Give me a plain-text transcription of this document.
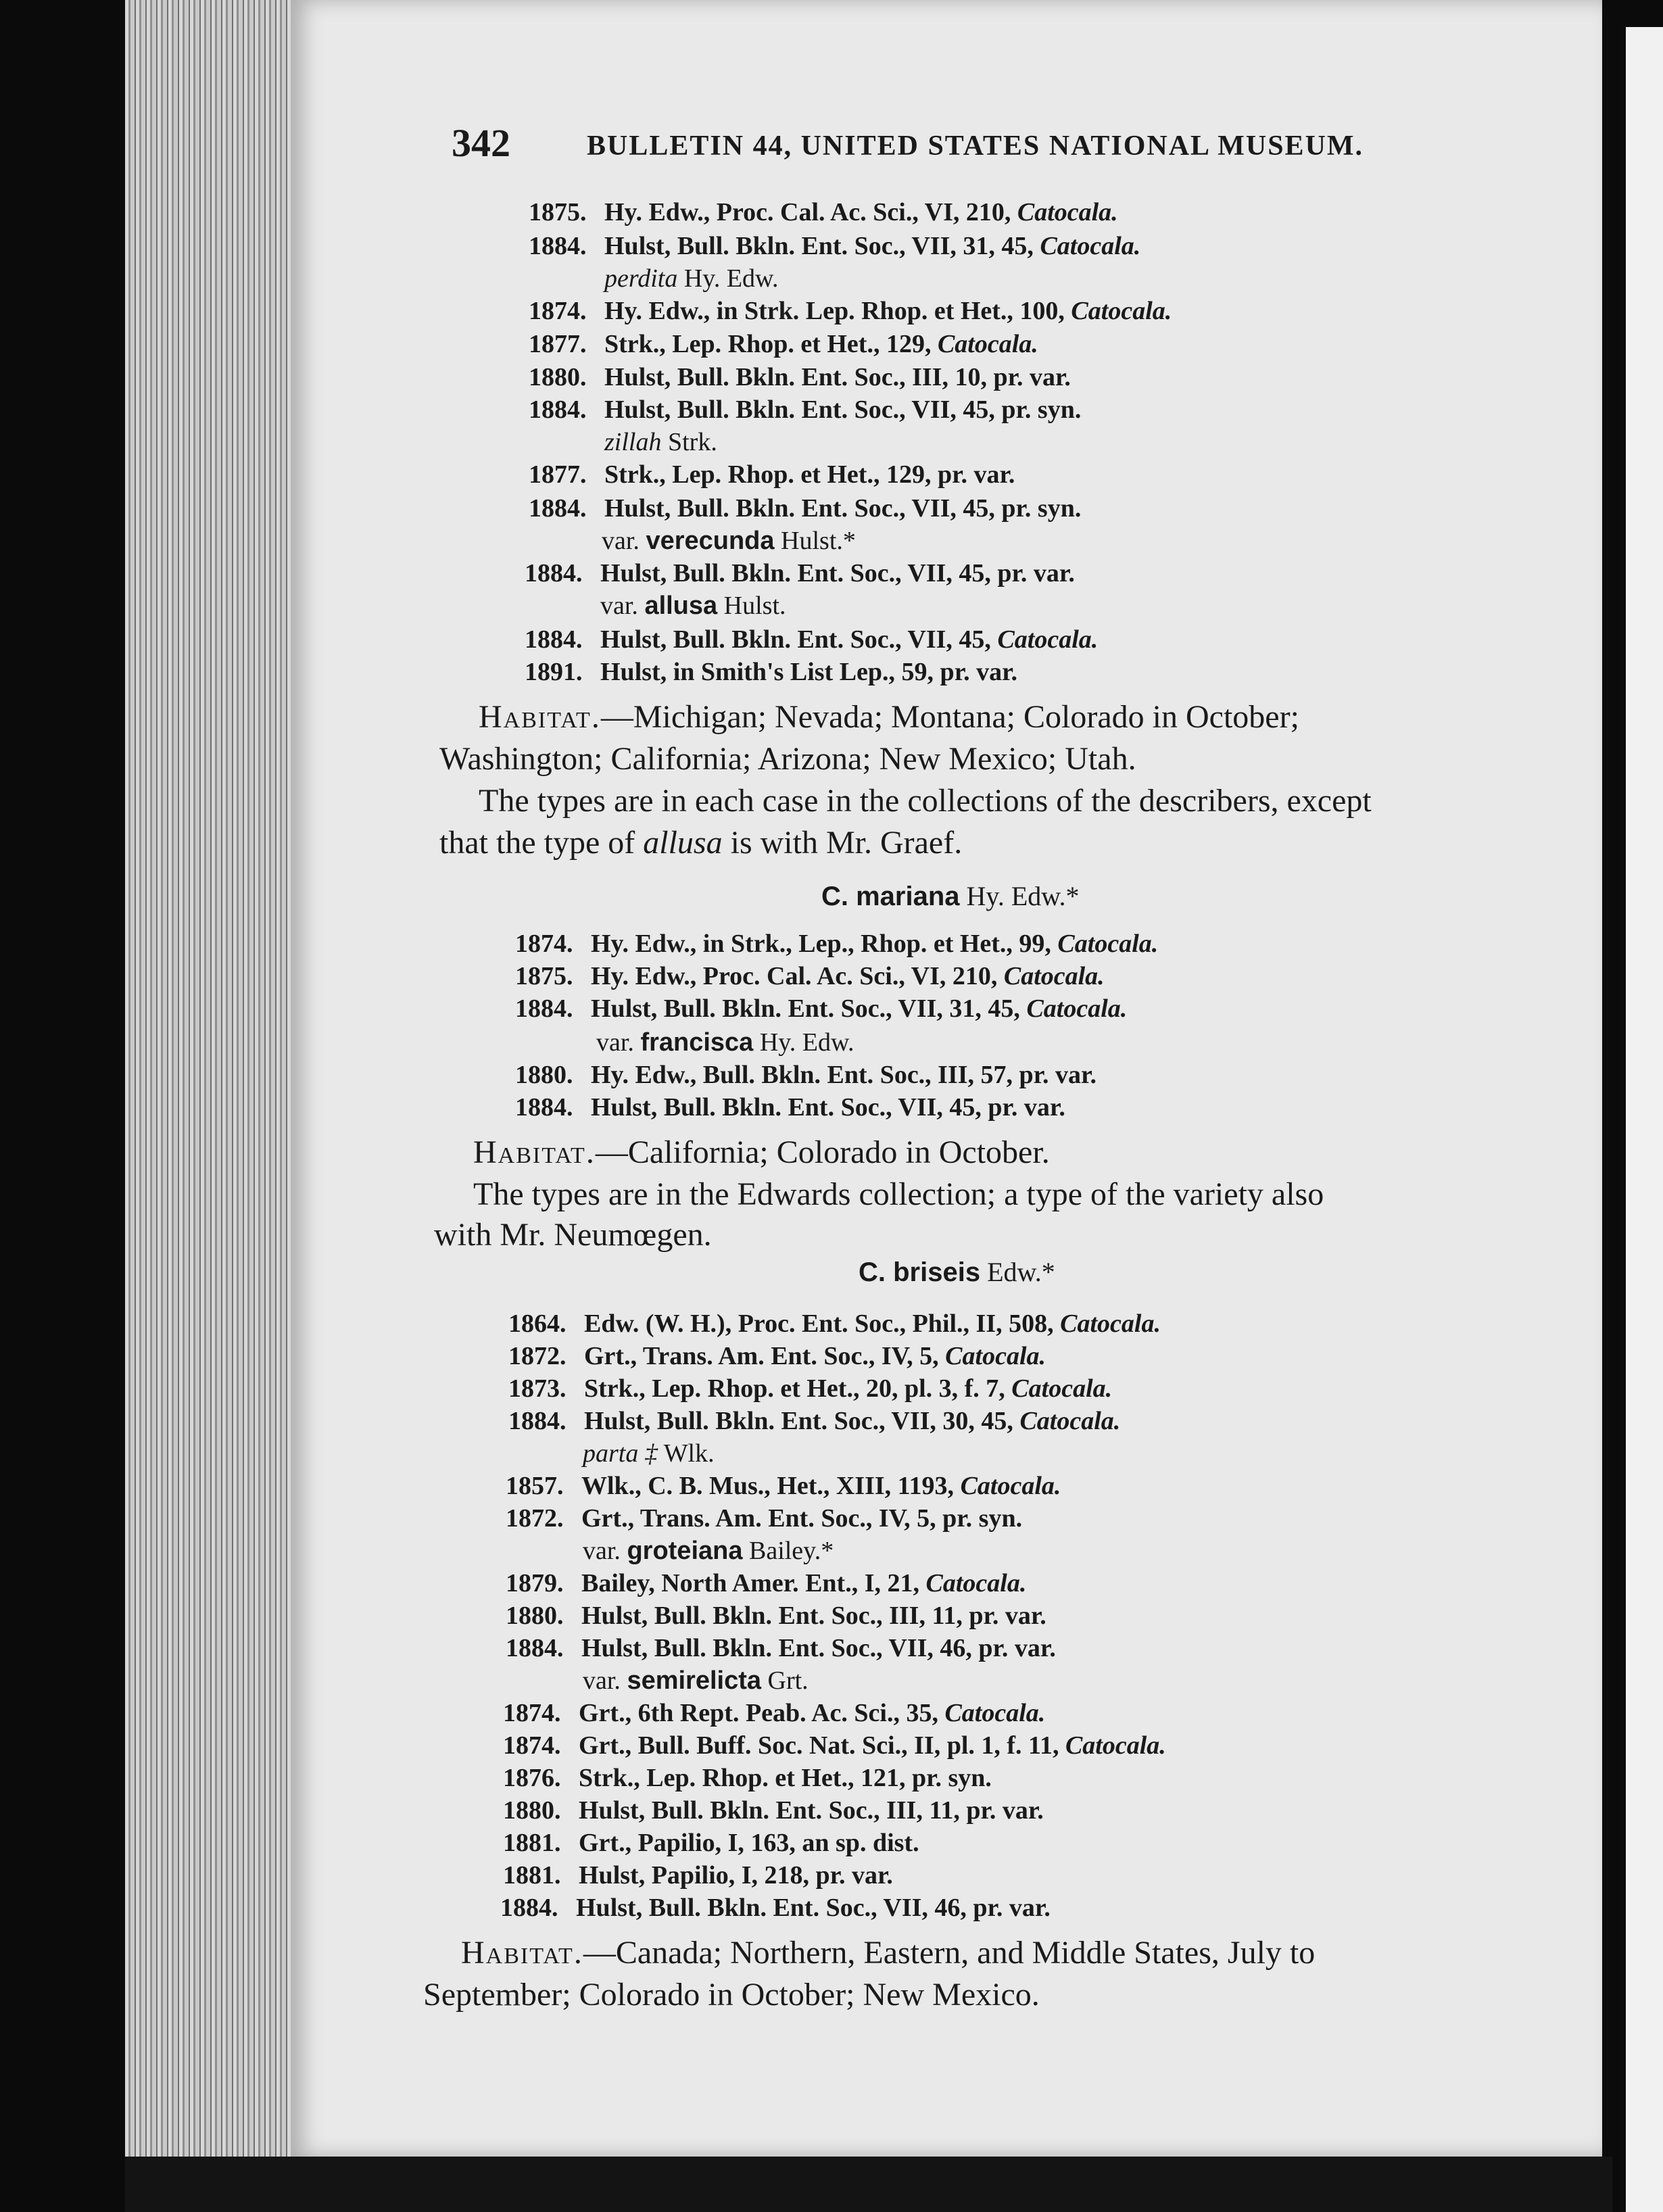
342	BULLETIN 44, UNITED STATES NATIONAL MUSEUM.
1875. Hy. Edw., Proc. Cal. Ac. Sci., VI, 210, Catocala.
1884. Hulst, Bull. Bkln. Ent. Soc., VII, 31, 45, Catocala.
perdita Hy. Edw.
1874. Hy. Edw., in Strk. Lep. Rhop. et Het., 100, Catocala.
1877. Strk., Lep. Rhop. et Het., 129, Catocala.
1880. Hulst, Bull. Bkln. Ent. Soc., III, 10, pr. var.
1884. Hulst, Bull. Bkln. Ent. Soc., VII, 45, pr. syn.
zillah Strk.
1877. Strk., Lep. Rhop. et Het., 129, pr. var.
1884. Hulst, Bull. Bkln. Ent. Soc., VII, 45, pr. syn.
var. verecunda Hulst.*
1884. Hulst, Bull. Bkln. Ent. Soc., VII, 45, pr. var.
var. allusa Hulst.
1884. Hulst, Bull. Bkln. Ent. Soc., VII, 45, Catocala.
1891. Hulst, in Smith's List Lep., 59, pr. var.
Habitat.—Michigan; Nevada; Montana; Colorado in October;
Washington; California; Arizona; New Mexico; Utah.
The types are in each case in the collections of the describers, except
that the type of allusa is with Mr. Graef.
C. mariana Hy. Edw.*
1874. Hy. Edw., in Strk., Lep., Rhop. et Het., 99, Catocala.
1875. Hy. Edw., Proc. Cal. Ac. Sci., VI, 210, Catocala.
1884. Hulst, Bull. Bkln. Ent. Soc., VII, 31, 45, Catocala.
var. francisca Hy. Edw.
1880. Hy. Edw., Bull. Bkln. Ent. Soc., III, 57, pr. var.
1884. Hulst, Bull. Bkln. Ent. Soc., VII, 45, pr. var.
Habitat.—California; Colorado in October.
The types are in the Edwards collection; a type of the variety also
with Mr. Neumœgen.
C. briseis Edw.*
1864. Edw. (W. H.), Proc. Ent. Soc., Phil., II, 508, Catocala.
1872. Grt., Trans. Am. Ent. Soc., IV, 5, Catocala.
1873. Strk., Lep. Rhop. et Het., 20, pl. 3, f. 7, Catocala.
1884. Hulst, Bull. Bkln. Ent. Soc., VII, 30, 45, Catocala.
parta ‡ Wlk.
1857. Wlk., C. B. Mus., Het., XIII, 1193, Catocala.
1872. Grt., Trans. Am. Ent. Soc., IV, 5, pr. syn.
var. groteiana Bailey.*
1879. Bailey, North Amer. Ent., I, 21, Catocala.
1880. Hulst, Bull. Bkln. Ent. Soc., III, 11, pr. var.
1884. Hulst, Bull. Bkln. Ent. Soc., VII, 46, pr. var.
var. semirelicta Grt.
1874. Grt., 6th Rept. Peab. Ac. Sci., 35, Catocala.
1874. Grt., Bull. Buff. Soc. Nat. Sci., II, pl. 1, f. 11, Catocala.
1876. Strk., Lep. Rhop. et Het., 121, pr. syn.
1880. Hulst, Bull. Bkln. Ent. Soc., III, 11, pr. var.
1881. Grt., Papilio, I, 163, an sp. dist.
1881. Hulst, Papilio, I, 218, pr. var.
1884. Hulst, Bull. Bkln. Ent. Soc., VII, 46, pr. var.
Habitat.—Canada; Northern, Eastern, and Middle States, July to
September; Colorado in October; New Mexico.
